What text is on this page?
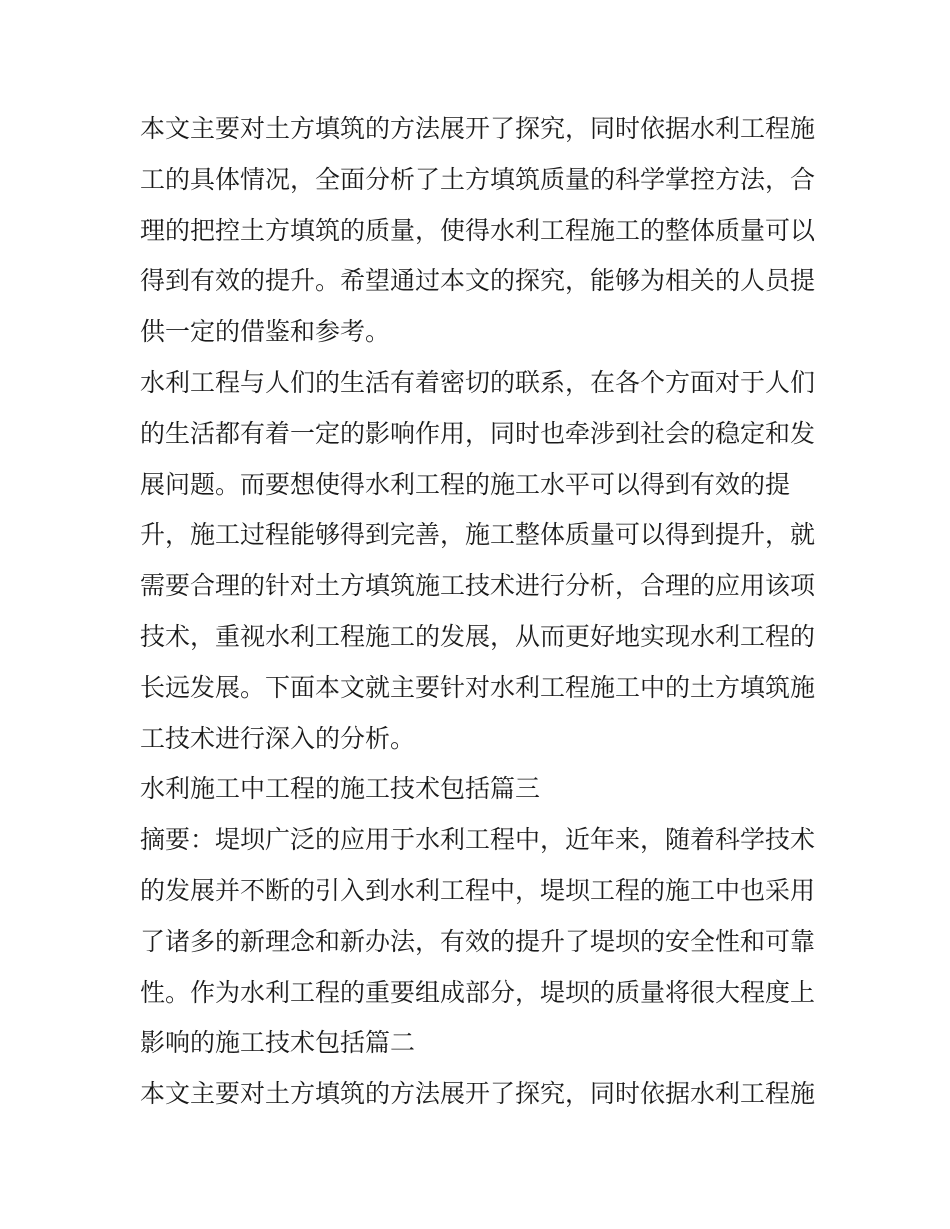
本文主要对土方填筑的方法展开了探究，同时依据水利工程施
工的具体情况，全面分析了土方填筑质量的科学掌控方法，合
理的把控土方填筑的质量，使得水利工程施工的整体质量可以
得到有效的提升。希望通过本文的探究，能够为相关的人员提
供一定的借鉴和参考。
水利工程与人们的生活有着密切的联系，在各个方面对于人们
的生活都有着一定的影响作用，同时也牵涉到社会的稳定和发
展问题。而要想使得水利工程的施工水平可以得到有效的提
升，施工过程能够得到完善，施工整体质量可以得到提升，就
需要合理的针对土方填筑施工技术进行分析，合理的应用该项
技术，重视水利工程施工的发展，从而更好地实现水利工程的
长远发展。下面本文就主要针对水利工程施工中的土方填筑施
工技术进行深入的分析。
水利施工中工程的施工技术包括篇三
摘要：堤坝广泛的应用于水利工程中，近年来，随着科学技术
的发展并不断的引入到水利工程中，堤坝工程的施工中也采用
了诸多的新理念和新办法，有效的提升了堤坝的安全性和可靠
性。作为水利工程的重要组成部分，堤坝的质量将很大程度上
影响的施工技术包括篇二
本文主要对土方填筑的方法展开了探究，同时依据水利工程施
